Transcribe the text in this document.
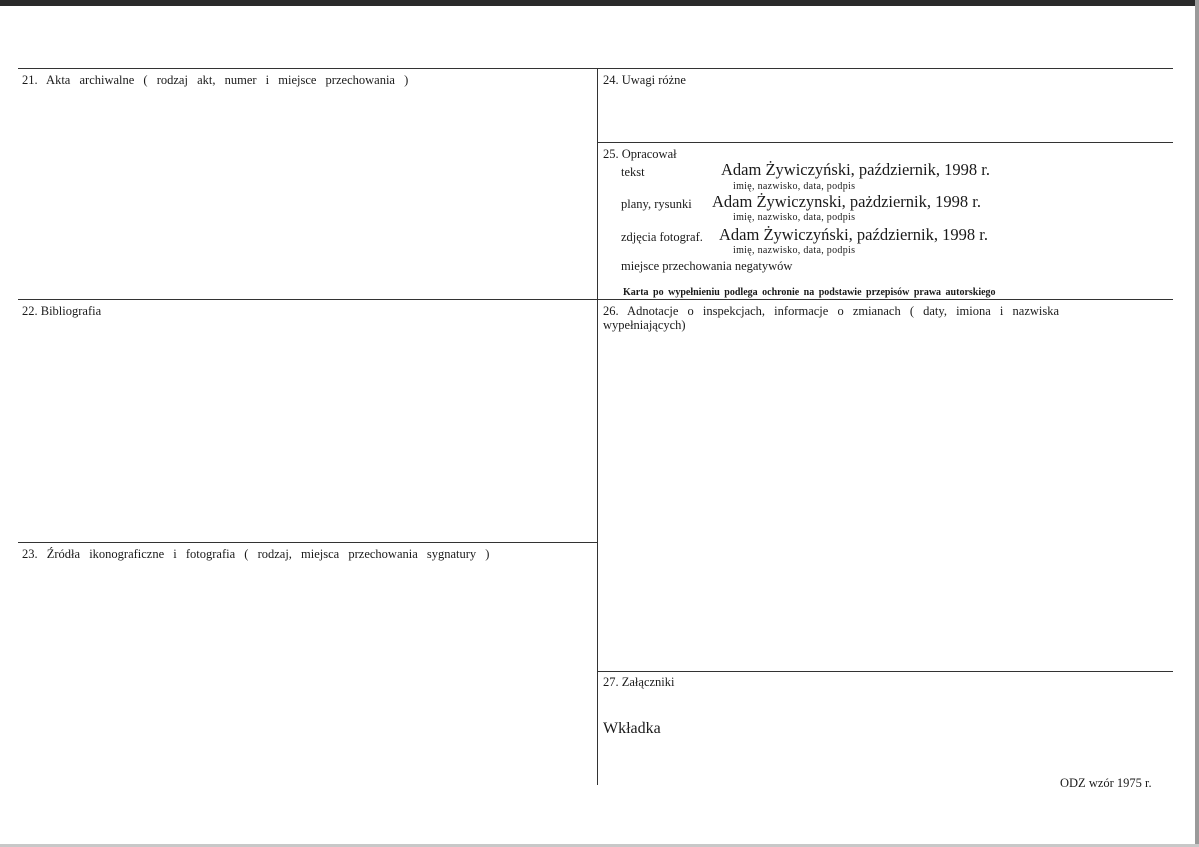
21. Akta archiwalne ( rodzaj akt, numer i miejsce przechowania )
22. Bibliografia
23. Źródła ikonograficzne i fotografia ( rodzaj, miejsca przechowania sygnatury )
24. Uwagi różne
25. Opracował
tekst	Adam Żywiczyński, październik, 1998 r.
imię, nazwisko, data, podpis
plany, rysunki Adam Żywiczynski, pażdziernik, 1998 r.
imię, nazwisko, data, podpis
zdjęcia fotograf. Adam Żywiczyński, październik, 1998 r.
imię, nazwisko, data, podpis
miejsce przechowania negatywów
Karta po wypełnieniu podlega ochronie na podstawie przepisów prawa autorskiego
26. Adnotacje o inspekcjach, informacje o zmianach ( daty, imiona i nazwiska
wypełniających)
27. Załączniki
Wkładka
ODZ wzór 1975 r.
